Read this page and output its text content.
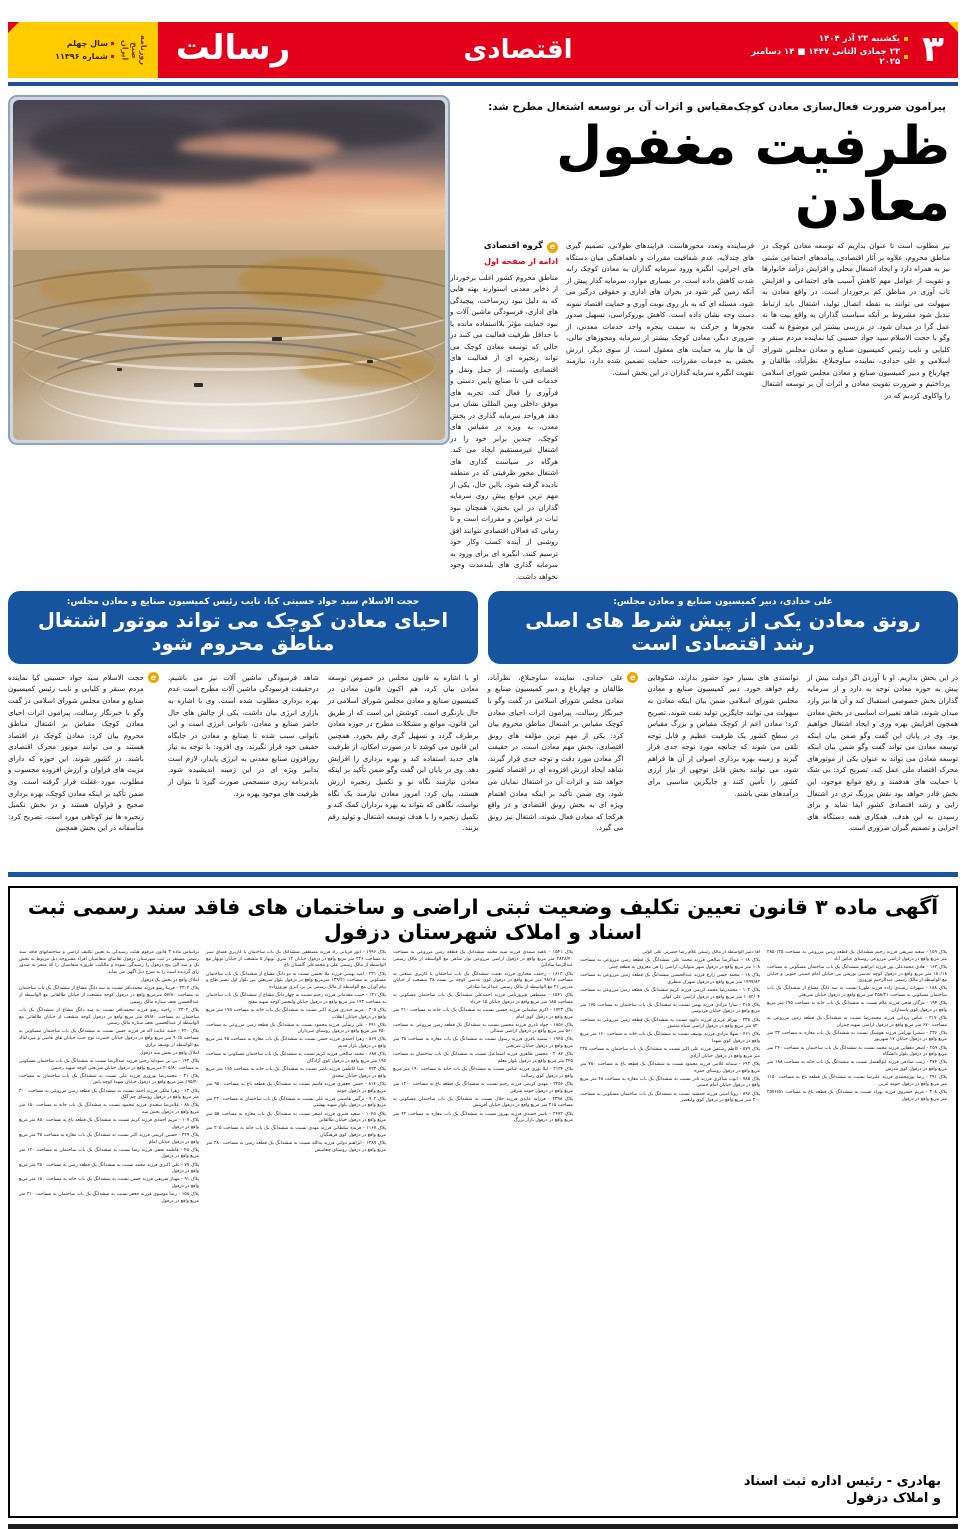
۳
یکشنبه ۲۳ آذر ۱۴۰۴
۲۳ جمادی الثانی ۱۴۴۷ ■ ۱۴ دسامبر ۲۰۲۵
اقتصادی
رسالت
روزنامه صبح ایران
سال چهلم
شماره ۱۱۳۹۶
پیرامون ضرورت فعال‌سازی معادن کوچک‌مقیاس و اثرات آن بر توسعه اشتغال مطرح شد:
ظرفیت مغفول معادن
نیز مطلوب است تا عنوان بداریم که توسعه معادن کوچک در مناطق محروم، علاوه بر آثار اقتصادی، پیامدهای اجتماعی مثبتی نیز به همراه دارد و ایجاد اشتغال محلی و افزایش درآمد خانوارها و تقویت از عوامل مهم کاهش آسیب های اجتماعی و افزایش تاب آوری در مناطق کم برخوردار است. در واقع معادن به سهولت می توانند به نقطه اتصال تولید، اشتغال باید ارتباط تبدیل شود مشروط بر آنکه سیاست گذاران به واقع بیت ها نه عمل گرا در میدان شود. در بررسی بیشتر این موضوع به گفت وگو با حجت الاسلام سید جواد حسینی کیا نماینده مردم سنقر و کلیایی و نایب رئیس کمیسیون صنایع و معادن مجلس شورای اسلامی و علی حدادی، نماینده ساوجبلاغ، نظرآباد، طالقان و چهارباغ و دبیر کمیسیون صنایع و معادن مجلس شورای اسلامی پرداختیم و ضرورت تقویت معادن و اثرات آن بر توسعه اشتغال را واکاوی کردیم که در
فرساینده وتعدد مجوزهاست. فرایندهای طولانی، تصمیم گیری های چندلایه، عدم شفافیت مقررات و ناهماهنگی میان دستگاه های اجرایی، انگیزه ورود سرمایه گذاران به معادن کوچک رابه شدت کاهش داده است. در بسیاری موارد، سرمایه گذار پیش از آنکه زمین گیر شود در بحران های اداری و حقوقی درگیر می شود، مسئله ای که به بار روی نوبت آوری و حمایت اقتصاد نمونه دست وجه نشان داده است. کاهش بوروکراسی، تسهیل صدور مجوزها و حرکت به سمت پنجره واحد خدمات معدنی، از ضروری دیگر، معادن کوچک بیشتر از سرمایه ومجوزهای مالی، آن ها نیاز به حمایت های معقول است. از سوی دیگر، ارزش بخشی به خدمات مقررات، حمایت تضمین شده دارد، نیازمند تقویت انگیزه سرمایه گذاران در این بخش است.
e
گروه اقتصادی
ادامه از صفحه اول
مناطق محروم کشور اغلب برخوردار از ذخایر معدنی استوارند بهته هایی که به دلیل نبود زیرساخت، پیچیدگی های اداری، فرسودگی ماشین آلات و نبود حمایت مؤثر بلااستفاده مانده یا با حداقل ظرفیت فعالیت می کنند در حالی که توسعه معادن کوچک می تواند زنجیره ای از فعالیت های اقتصادی وابسته، از حمل ونقل و خدمات فنی تا صنایع پایین دستی و فرآوری را فعال کند. تجربه های موفق داخلی وبین المللی نشان می دهد هرواحد سرمایه گذاری در بخش معدن، به ویژه در مقیاس های کوچک، چندین برابر خود را در اشتغال غیرمستقیم ایجاد می کند. هرگاه در سیاست گذاری های اشتغال محور ظرفیتی که در منطقه نادیده گرفته شود، بااین حال، یکی از مهم ترین موانع پیش روی سرمایه گذاران در این بخش، همچنان نبود ثبات در قوانین و مقررات است و تا زمانی که فعالان اقتصادی نتوانند افق روشنی از آینده کسب وکار خود ترسیم کنند، انگیزه ای برای ورود به سرمایه گذاری های بلندمدت وجود نخواهد داشت.
علی حدادی، دبیر کمیسیون صنایع و معادن مجلس:
رونق معادن یکی از پیش شرط های اصلی رشد اقتصادی است
حجت الاسلام سید جواد حسینی کیا، نایب رئیس کمیسیون صنایع و معادن مجلس:
احیای معادن کوچک می تواند موتور اشتغال مناطق محروم شود
در این بخش بداریم. او با آوردن اگر دولت بیش از پیش به حوزه معادن توجه به دارد و از سرمایه گذاران بخش خصوصی استقبال کند و آن ها نیز وارد میدان شوند، شاهد تغییرات اساسی در بخش معادن همچون افزایش بهره وری و ایجاد اشتغال خواهیم بود. وی در پایان این گفت وگو ضمن بیان اینکه توسعه معادن می تواند گفت وگو ضمن بیان اینکه توسعه معادن می تواند به عنوان یکی از موتورهای محرک اقتصاد ملی عمل کند، تصریح کرد: بی شک با حمایت های هدفمند و رفع موانع موجود، این بخش قادر خواهد بود نقش پررنگ تری در اشتغال زایی و رشد اقتصادی کشور ایفا نماید و برای رسیدن به این هدف، همکاری همه دستگاه های اجرایی و تصمیم گیران ضروری است.
توانمندی های بسیار خود حضور بدارند، شکوفایی رقم خواهد خورد. دبیر کمیسیون صنایع و معادن مجلس شورای اسلامی ضمن بیان اینکه معادن به سهولت می توانند جایگزین تولید نفت شوند، تصریح کرد: معادن اعم از کوچک مقیاس و بزرگ مقیاس در سطح کشور یک ظرفیت عظیم و قابل توجه تلقی می شوند که چنانچه مورد توجه جدی قرار گیرند و زمینه بهره برداری اصولی از آن ها فراهم شود، می توانند بخش قابل توجهی از نیاز ارزی کشور را تأمین کنند و جایگزین مناسبی برای درآمدهای نفتی باشند.
e
علی حدادی، نماینده ساوجبلاغ، نظرآباد، طالقان و چهارباغ و دبیر کمیسیون صنایع و معادن مجلس شورای اسلامی در گفت وگو با خبرنگار رسالت، پیرامون اثرات احیای معادن کوچک مقیاس بر اشتغال مناطق محروم بیان کرد: یکی از مهم ترین مؤلفه های رونق اقتصادی، بخش مهم معادن است. در حقیقت اگر معادن مورد دقت و توجه جدی قرار گیرند، شاهد ایجاد ارزش افزوده ای در اقتصاد کشور خواهد شد و اثرات آن در اشتغال نمایان می شود. وی ضمن تأکید بر اینکه معادن اهتمام ویژه ای به بخش رونق اقتصادی و در واقع هرکجا که معادن فعال شوند، اشتغال نیز رونق می گیرد.
او با اشاره به قانون مجلس در خصوص توسعه معادن بیان کرد، هم اکنون قانون معادن در کمیسیون صنایع و معادن مجلس شورای اسلامی در حال بازنگری است. کوشش این است که از طریق این قانون، موانع و مشکلات مطرح در حوزه معادن برطرف گردد و تسهیل گری رقم بخورد. همچنین این قانون می کوشد تا در صورت امکان، از ظرفیت های جدید استفاده کند و بهره برداری را افزایش دهد. وی در پایان این گفت وگو ضمن تأکید بر اینکه معادن نیازمند نگاه نو و تکمیل زنجیره ارزش هستند، بیان کرد: امروز معادن نیازمند یک نگاه نواست، نگاهی که بتواند به بهره برداران کمک کند و تکمیل زنجیره را با هدف توسعه اشتغال و تولید رقم بزنند.
شاهد فرسودگی ماشین آلات نیز می باشیم. درحقیقت فرسودگی ماشین آلات مطرح است عدم بهره برداری مطلوب شده است. وی با اشاره به بازاری انرژی بیان داشت، یکی از چالش های حال حاضر صنایع و معادن، ناتوانی انرژی است و این ناتوانی سبب شده تا صنایع و معادن در جایگاه حقیقی خود قرار نگیرند. وی افزود: با توجه به نیاز روزافزون صنایع معدنی به انرژی پایدار، لازم است تدابیر ویژه ای در این زمینه اندیشیده شود. بایدبرنامه ریزی منسجمی صورت گیرد تا بتوان از ظرفیت های موجود بهره برد.
e
حجت الاسلام سید جواد حسینی کیا نماینده مردم سنقر و کلیایی و نایب رئیس کمیسیون صنایع و معادن مجلس شورای اسلامی در گفت وگو با خبرنگار رسالت، پیرامون اثرات احیای معادن کوچک مقیاس بر اشتغال مناطق محروم بیان کرد: معادن کوچک در اقتصاد هستند و می توانند موتور محرک اقتصادی باشند. در کشور شوند. این حوزه که دارای مزیت های فراوان و ارزش افزوده محسوب و مطلوب، مورد غفلت قرار گرفته است. وی ضمن تأکید بر اینکه معادن کوچک، بهره برداری صحیح و فراوان هستند و در بخش تکمیل زنجیره ها نیز کوتاهی مورد است، تصریح کرد: متأسفانه در این بخش همچنین
آگهی ماده ۳ قانون تعیین تکلیف وضعیت ثبتی اراضی و ساختمان های فاقد سند رسمی ثبت اسناد و املاک شهرستان دزفول

پلاک ۱۵۹ - سعید شریفی فرزند رحیم ششدانگ یک قطعه زمین مزروعی به مساحت ۲۸۵۰/۲۵ متر مربع واقع در دزفول اراضی مزروعی روستای عباس آباد

پلاک ۱۶۲ - هادی محمدعلی پور فرزند ابراهیم ششدانگ یک باب ساختمان مسکونی به مساحت ۱۸۰/۱۸ متر مربع واقع در دزفول کوچه عدسی نوربس بین خیابان امام خمینی جنوبی و خیابان مع الواسطه از مالک رسمی عبدالرحیم نوروزی

پلاک ۱۸۸ - سهراب رشیدی زاده فرزند طوریا نسبت به سه دانگ مشاع از ششدانگ یک باب ساختمان مسکونی به مساحت ۲۵۸/۲۱ متر مربع واقع در دزفول خیابان شریعتی

پلاک ۱۹۴ - مژگان فتحی فرزند غلام نسبت به ششدانگ یک باب خانه به مساحت ۱۹۵ متر مربع واقع در دزفول کوی پاسداران

پلاک ۲۱۷ - عباس یزدانی فرزند محمدرضا نسبت به ششدانگ یک قطعه زمین مزروعی به مساحت ۶۷۰ متر مربع واقع در دزفول اراضی شهید چمران

پلاک ۲۳۶ - سمیرا بهرامی فرزند هوشنگ نسبت به ششدانگ یک باب مغازه به مساحت ۳۲ متر مربع واقع در دزفول خیابان ۱۷ شهریور

پلاک ۲۵۹ - اصغر دهقانی فرزند محمد نسبت به ششدانگ یک باب ساختمان به مساحت ۲۴۰ متر مربع واقع در دزفول بلوار دانشگاه

پلاک ۲۷۴ - زینب صادقی فرزند ابوالفضل نسبت به ششدانگ یک باب خانه به مساحت ۱۸۸ متر مربع واقع در دزفول کوی مدرس

پلاک ۲۹۱ - رضا پورمحمدی فرزند علیرضا نسبت به ششدانگ یک قطعه باغ به مساحت ۱۱۵۰ متر مربع واقع در دزفول حومه غربی

پلاک ۳۰۸ - مریم خسروی فرزند بهزاد نسبت به ششدانگ یک قطعه باغ به مساحت ۲۵۷۶/۵۱ متر مربع واقع در دزفول

آقا دمیر الواسطه از مالک رسمی غلام رضا حضرتی علی کولی

پلاک ۱۸ - عبدالرضا صالحی فرزند محمد علی ششدانگ یک قطعه زمین مزروعی به مساحت ۱۰۸ متر مربع واقع در دزفول شهر متولیان، اراضی را هی معروف به قطعه چینی

پلاک ۱۸ - محمد حسن زارع فرزند عبدالحسین ششدانگ یک قطعه زمین مزروعی به مساحت ۱۴۹۷/۸۲ متر مربع واقع در دزفول شهرک منظری

پلاک ۱۰۲ - محمدرضا محمد کریمی فرزند کریم ششدانگ یک قطعه زمین مزروعی به مساحت ۱۰۸۲/۰۴ متر مربع واقع در دزفول اراضی علی کولی

پلاک ۲۱۵ - سارا مرادی فرزند بهمن نسبت به ششدانگ یک باب ساختمان به مساحت ۱۷۵ متر مربع واقع در دزفول خیابان فردوسی

پلاک ۳۳۸ - بهرام عزیزی فرزند داوود نسبت به ششدانگ یک قطعه زمین مزروعی به مساحت ۸۳۰ متر مربع واقع در دزفول اراضی سیاه منصور

پلاک ۴۶۱ - شهلا مرادی فرزند یوسف نسبت به ششدانگ یک باب خانه به مساحت ۱۶۰ متر مربع واقع در دزفول کوی شهدا

پلاک ۵۷۹ - کاظم رستمی فرزند علی اکبر نسبت به ششدانگ یک باب ساختمان به مساحت ۲۲۵ متر مربع واقع در دزفول خیابان آزادی

پلاک ۶۹۳ - سمانه غلامی فرزند محمود نسبت به ششدانگ یک قطعه باغ به مساحت ۷۸۰ متر مربع واقع در دزفول روستای حمزه

پلاک ۷۸۵ - ایوب شاکری فرزند نادر نسبت به ششدانگ یک باب مغازه به مساحت ۴۸ متر مربع واقع در دزفول خیابان امام خمینی

پلاک ۸۹۶ - رویا امینی فرزند جمشید نسبت به ششدانگ یک باب ساختمان مسکونی به مساحت ۲۰۰ متر مربع واقع در دزفول کوی ولیعصر

پلاک ۱۵۴۱ - ناهید صمدی فرزند سید محمد ششدانگ یک قطعه زمین مزروعی به مساحت ۲۸۲۸/۴۰ متر مربع واقع در دزفول اراضی مزروعی نوار شاهی مع الواسطه از مالک رسمی عبدالرضا ساداتی

پلاک ۱۶۱۲ - رحمت مختاری فرزند نعمت ششدانگ یک باب ساختمان با کاربری صنعتی به مساحت ۹۸/۱۸ متر مربع واقع در دزفول کوی عدسی کوچه بن بست ۲۸ منشعب از خیابان مدرس ۲۱ مع الواسطه از مالک رسمی عبدالرضا ساداتی

پلاک ۱۵۴۱ - مصطفی فیروزنامی فرزند احمدعلی ششدانگ یک باب ساختمان مسکونی به مساحت ۱۸۵ متر مربع واقع در دزفول خیابان ۱۵ خرداد

پلاک ۱۷۲۳ - اکرم سلیمانی فرزند حسین نسبت به ششدانگ یک باب خانه به مساحت ۲۱۰ متر مربع واقع در دزفول کوی امام

پلاک ۱۸۵۶ - جواد نادری فرزند محسن نسبت به ششدانگ یک قطعه زمین مزروعی به مساحت ۵۶۰ متر مربع واقع در دزفول اراضی شمالی

پلاک ۱۹۴۵ - سمیه باقری فرزند رسول نسبت به ششدانگ یک باب مغازه به مساحت ۳۸ متر مربع واقع در دزفول خیابان شریعتی

پلاک ۲۰۸۷ - محسن طاهری فرزند اسماعیل نسبت به ششدانگ یک باب ساختمان به مساحت ۲۴۵ متر مربع واقع در دزفول بلوار معلم

پلاک ۲۱۳۴ - لیلا نوری فرزند عباس نسبت به ششدانگ یک باب خانه به مساحت ۱۹۰ متر مربع واقع در دزفول کوی رسالت

پلاک ۲۲۵۶ - مهدی کریمی فرزند رحیم نسبت به ششدانگ یک قطعه باغ به مساحت ۱۲۰۰ متر مربع واقع در دزفول حومه شرقی

پلاک ۲۳۹۸ - فرزانه عابدی فرزند جلال نسبت به ششدانگ یک باب ساختمان مسکونی به مساحت ۲۱۵ متر مربع واقع در دزفول خیابان آفرینش

پلاک ۲۴۷۲ - یاسر حمیدی فرزند بهروز نسبت به ششدانگ یک باب مغازه به مساحت ۴۲ متر مربع واقع در دزفول بازار بزرگ

پلاک ۱۹۹۶ - انور قربانی راد فرزند مصطفی ششدانگ یک باب ساختمان با کاربری فضای سبز به مساحت ۲۲۶ متر مربع واقع در دزفول خیابان ۱۲ متری نوبهار ۵ منشعب از خیابان نوبهار مع الواسطه از مالک رسمی علی و محمدعلی گلستان باغ

پلاک ۲۳۱ - امید بهمنی فرزند ملا نحسن نسبت به دو دانگ مشاع از ششدانگ یک باب ساختمان مسکونی به مساحت ۱۳۹/۲۱ مترمربع واقع در دزفول بلوار شریعتی بین بلوار اول نصیر طاج و پیام آوران مع الواسطه از مالک رسمی بی بی کبری نوروززاده

پلاک ۱۲۱ - حبیب مقدماتی فرزند رحیم نسبت به چهار دانگ مشاع از ششدانگ یک باب ساختمان به مساحت ۱۴۳ متر مربع واقع در دزفول خیابان ولیعصر کوچه شهید مفتح

پلاک ۳۰۵ - مریم حیدری فرزند اکبر نسبت به ششدانگ یک باب خانه به مساحت ۱۷۵ متر مربع واقع در دزفول خیابان انقلاب

پلاک ۴۴۱ - علی رضایی فرزند محمود نسبت به ششدانگ یک قطعه زمین مزروعی به مساحت ۴۵۰ متر مربع واقع در دزفول روستای سرداران

پلاک ۵۶۷ - زهرا احمدی فرزند حسن نسبت به ششدانگ یک باب مغازه به مساحت ۴۵ متر مربع واقع در دزفول بازار قدیم

پلاک ۶۸۸ - محمد صالحی فرزند کریم نسبت به ششدانگ یک باب ساختمان مسکونی به مساحت ۱۹۵ متر مربع واقع در دزفول کوی آزادگان

پلاک ۷۲۳ - مینا کاظمی فرزند ناصر نسبت به ششدانگ یک باب خانه به مساحت ۱۶۵ متر مربع واقع در دزفول خیابان سعدی

پلاک ۸۱۴ - حسن جعفری فرزند قاسم نسبت به ششدانگ یک قطعه باغ به مساحت ۹۵۰ متر مربع واقع در دزفول حومه

پلاک ۹۰۲ - نرگس هاشمی فرزند علی نسبت به ششدانگ یک باب ساختمان به مساحت ۲۳۰ متر مربع واقع در دزفول بلوار شهید بهشتی

پلاک ۱۰۴۵ - سعید قنبری فرزند اصغر نسبت به ششدانگ یک باب مغازه به مساحت ۵۵ متر مربع واقع در دزفول خیابان طالقانی

پلاک ۱۱۶۷ - فریده سلطانی فرزند مهدی نسبت به ششدانگ یک باب خانه به مساحت ۲۰۵ متر مربع واقع در دزفول کوی فرهنگیان

پلاک ۱۲۸۹ - ابراهیم دولتی فرزند یدالله نسبت به ششدانگ یک قطعه زمین به مساحت ۳۸۰ متر مربع واقع در دزفول روستای چغامیش

براساس ماده ۳ قانون مرقوم هیئت رسیدگی به تعیین تکلیف اراضی و ساختمانهای فاقد سند رسمی مستقر در ثبت شهرستان دزفول تقاضای متقاضیان افراد مشروحه ذیل مربوط به بخش یک و سه الی پنج دزفول را رسیدگی نموده و مالکیت طروزه متقاضیان را که منجر به صدور رای گردیده است را به شرح ذیل آگهی می نماید.

املاک واقع در بخش یک دزفول

پلاک ۲۳۰۲ - فریبا رشو فرزند محمدباقر نسبت به سه دانگ مشاع از ششدانگ یک باب ساختمان به مساحت ۵۷/۸۰ مترمربع واقع در دزفول کوجه منشعب از خیابان طالقانی مع الواسطه از عبدالحسین نجف ستاره مالک رسمی

پلاک ۲۳۰۲ - راحیه رشو فرزند محمدباقر نسبت به سه دانگ مشاع از ششدانگ یک باب ساختمان به مساحت ۵۷/۸۰ متر مربع واقع در دزفول کوجه منشعب از خیابان طالقانی مع الواسطه از عبدالحسین نجف ستاره مالک رسمی

پلاک ۴۲۰ - حمید عنایت اله فر فرزند حسن نسبت به ششدانگ یک باب ساختمان مسکونی به مساحت ۹۰/۵ متر مربع واقع در دزفول خیابان حضرت نوح جنب خیابان های قاضی و میردامااد مع الواسطه از یوسف برازی

املاک واقع در بخش سه دزفول

پلاک ۱۴۲ - بی بی سودابه رجبی فرزند عبدالرضا نسبت به ششدانگ یک باب ساختمان مسکونی به مساحت ۲۰۵/۸۰ مترمربع واقع در دزفول خیابان شریعتی کوچه شهید رحیمی

پلاک ۲۱ - محمدرضا نوروزی فرزند علی نسبت به ششدانگ یک باب ساختمان به مساحت ۱۹۵/۴۰ متر مربع واقع در دزفول خیابان شهدا کوچه یاس

پلاک ۱۳ - زهرا ملکی فرزند احمد نسبت به ششدانگ یک قطعه زمین مزروعی به مساحت ۳۰۰ متر مربع واقع در دزفول روستای چم گلک

پلاک ۸۸ - غلامرضا سعیدی فرزند محمود نسبت به ششدانگ یک باب خانه به مساحت ۱۵۰ متر مربع واقع در دزفول بخش سه

پلاک ۱۰۷ - مریم احمدی فرزند کریم نسبت به ششدانگ یک قطعه باغ به مساحت ۸۵۰ متر مربع واقع در دزفول

پلاک ۲۲۹ - حسین کریمی فرزند اکبر نسبت به ششدانگ یک باب مغازه به مساحت ۳۵ متر مربع واقع در دزفول خیابان امام

پلاک ۴۵ - فاطمه نجفی فرزند رضا نسبت به ششدانگ یک باب ساختمان به مساحت ۱۲۰ متر مربع واقع در دزفول

پلاک ۷۷ - علی اکبری فرزند محمد نسبت به ششدانگ یک قطعه زمین به مساحت ۲۵۰ متر مربع واقع در دزفول

پلاک ۹۱ - مهناز شریفی فرزند حسن نسبت به ششدانگ یک باب خانه به مساحت ۱۸۰ متر مربع واقع در دزفول

پلاک ۱۵۸ - رضا موسوی فرزند جعفر نسبت به ششدانگ یک باب ساختمان به مساحت ۲۱۰ متر مربع واقع در دزفول

بهادری - رئیس اداره ثبت اسناد
و املاک دزفول
